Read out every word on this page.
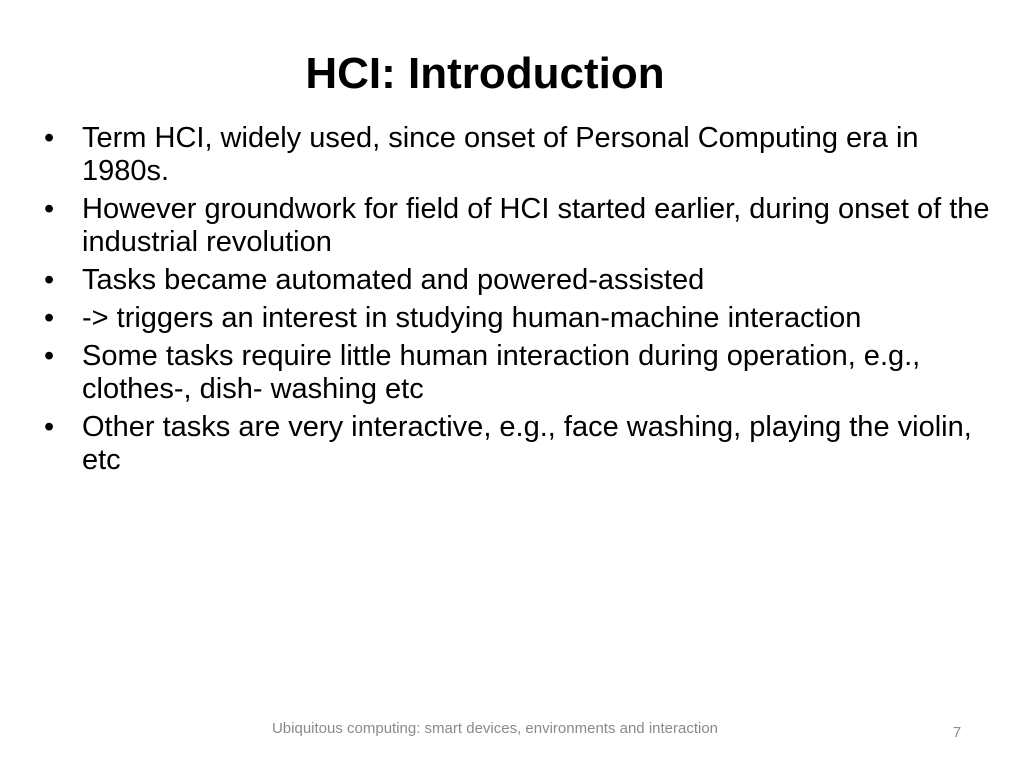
HCI: Introduction
• Term HCI, widely used, since onset of Personal Computing era in 1980s.
• However groundwork for field of HCI started earlier, during onset of the industrial revolution
• Tasks became automated and powered-assisted
• -> triggers an interest in studying human-machine interaction
• Some tasks require little human interaction during operation, e.g., clothes-, dish- washing etc
• Other tasks are very interactive, e.g., face washing, playing the violin, etc
Ubiquitous computing: smart devices, environments and interaction	7
